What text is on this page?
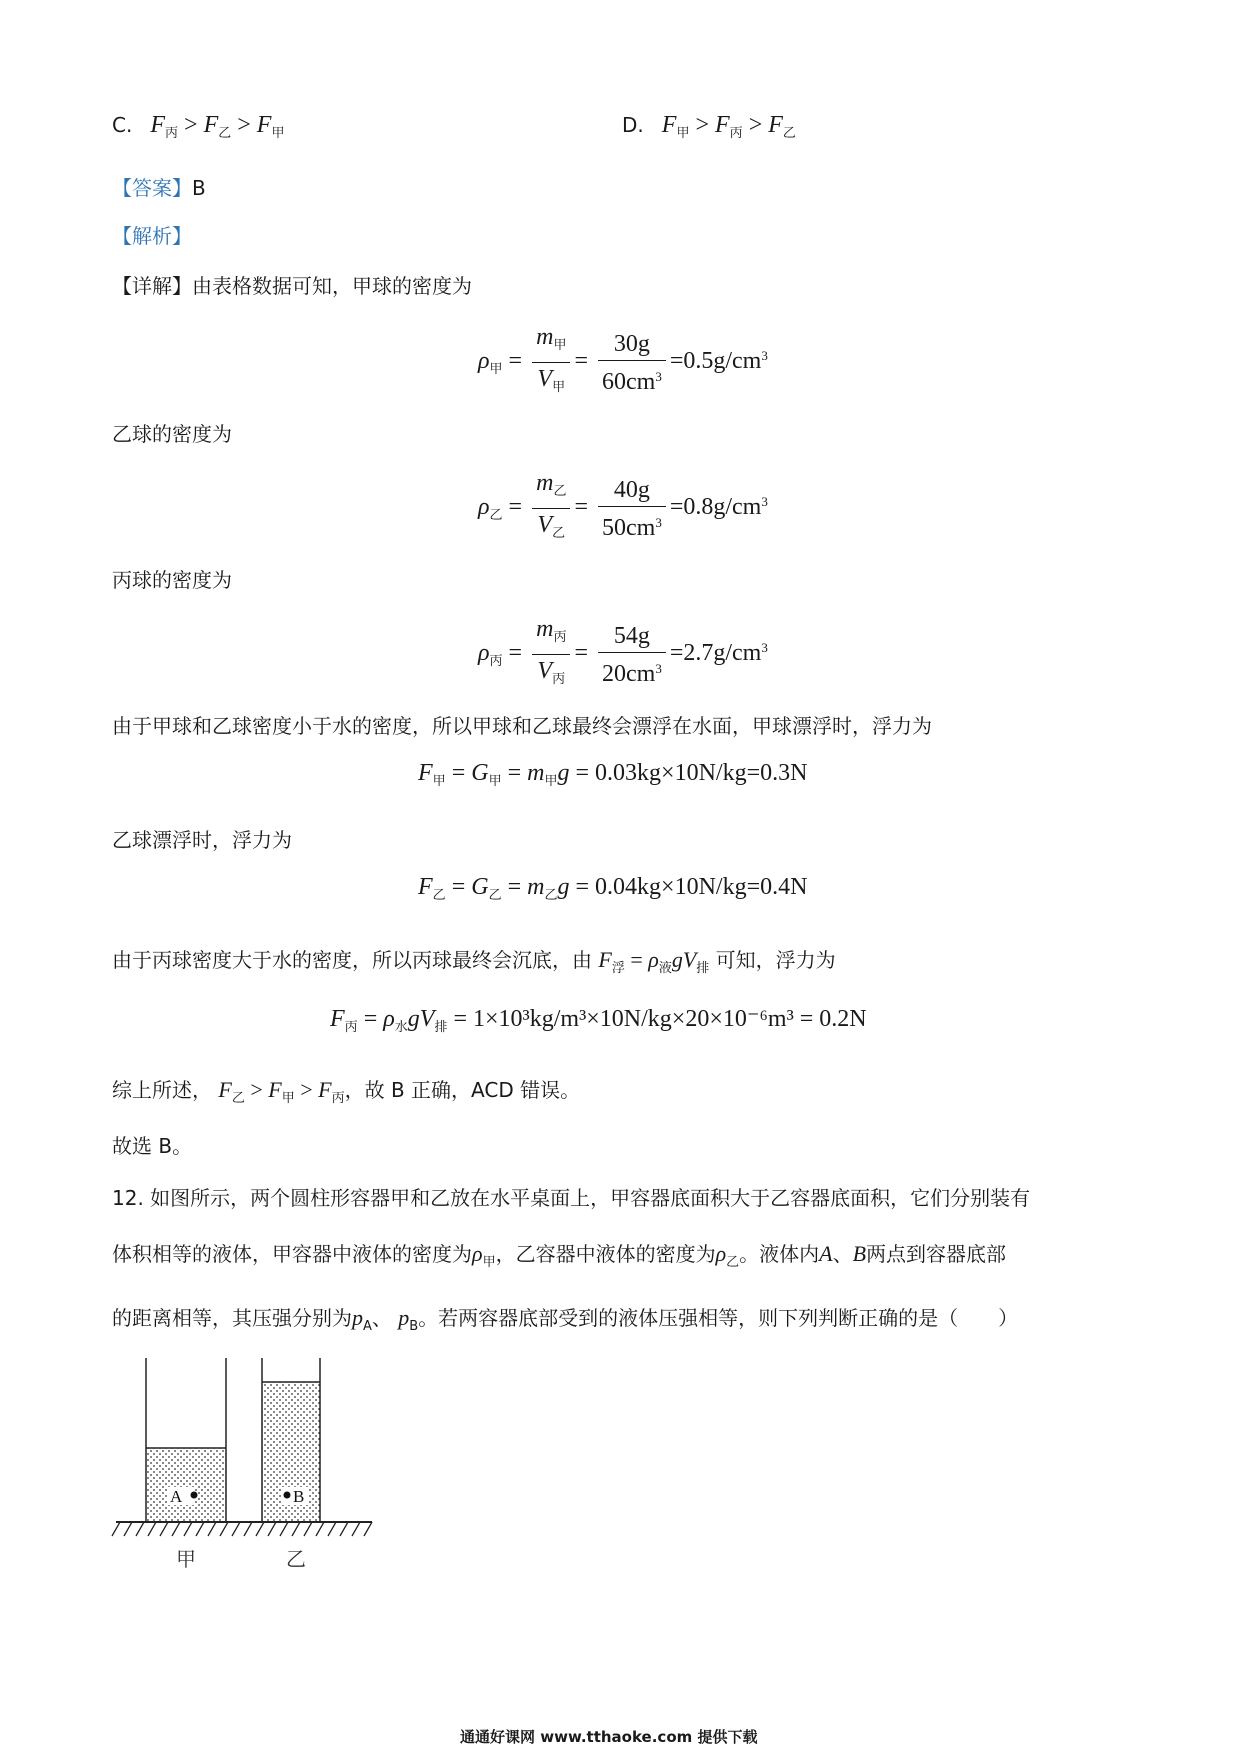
C. $F_丙 > F_乙 > F_甲$	D. $F_甲 > F_丙 > F_乙$
【答案】B
【解析】
【详解】由表格数据可知，甲球的密度为
$\rho_甲 = \frac{m_甲}{V_甲} = \frac{30g}{60cm^3} =0.5g/cm^3$
乙球的密度为
$\rho_乙 = \frac{m_乙}{V_乙} = \frac{40g}{50cm^3} =0.8g/cm^3$
丙球的密度为
$\rho_丙 = \frac{m_丙}{V_丙} = \frac{54g}{20cm^3} =2.7g/cm^3$
由于甲球和乙球密度小于水的密度，所以甲球和乙球最终会漂浮在水面，甲球漂浮时，浮力为
$F_甲 = G_甲 = m_甲g = 0.03kg\times 10N/kg=0.3N$
乙球漂浮时，浮力为
$F_乙 = G_乙 = m_乙g = 0.04kg\times 10N/kg=0.4N$
由于丙球密度大于水的密度，所以丙球最终会沉底，由 $F_浮 = \rho_液gV_排$ 可知，浮力为
$F_丙 = \rho_水gV_排 = 1\times 10^3kg/m^3\times 10N/kg\times 20\times 10^{-6}m^3 = 0.2N$
综上所述， $F_乙 > F_甲 > F_丙$，故 B 正确，ACD 错误。
故选 B。
12. 如图所示，两个圆柱形容器甲和乙放在水平桌面上，甲容器底面积大于乙容器底面积，它们分别装有
体积相等的液体，甲容器中液体的密度为$\rho_甲$，乙容器中液体的密度为$\rho_乙$。液体内A、B两点到容器底部
的距离相等，其压强分别为$p_A$、 $p_B$。若两容器底部受到的液体压强相等，则下列判断正确的是（　　）
A	B
甲	乙
通通好课网 www.tthaoke.com 提供下载
